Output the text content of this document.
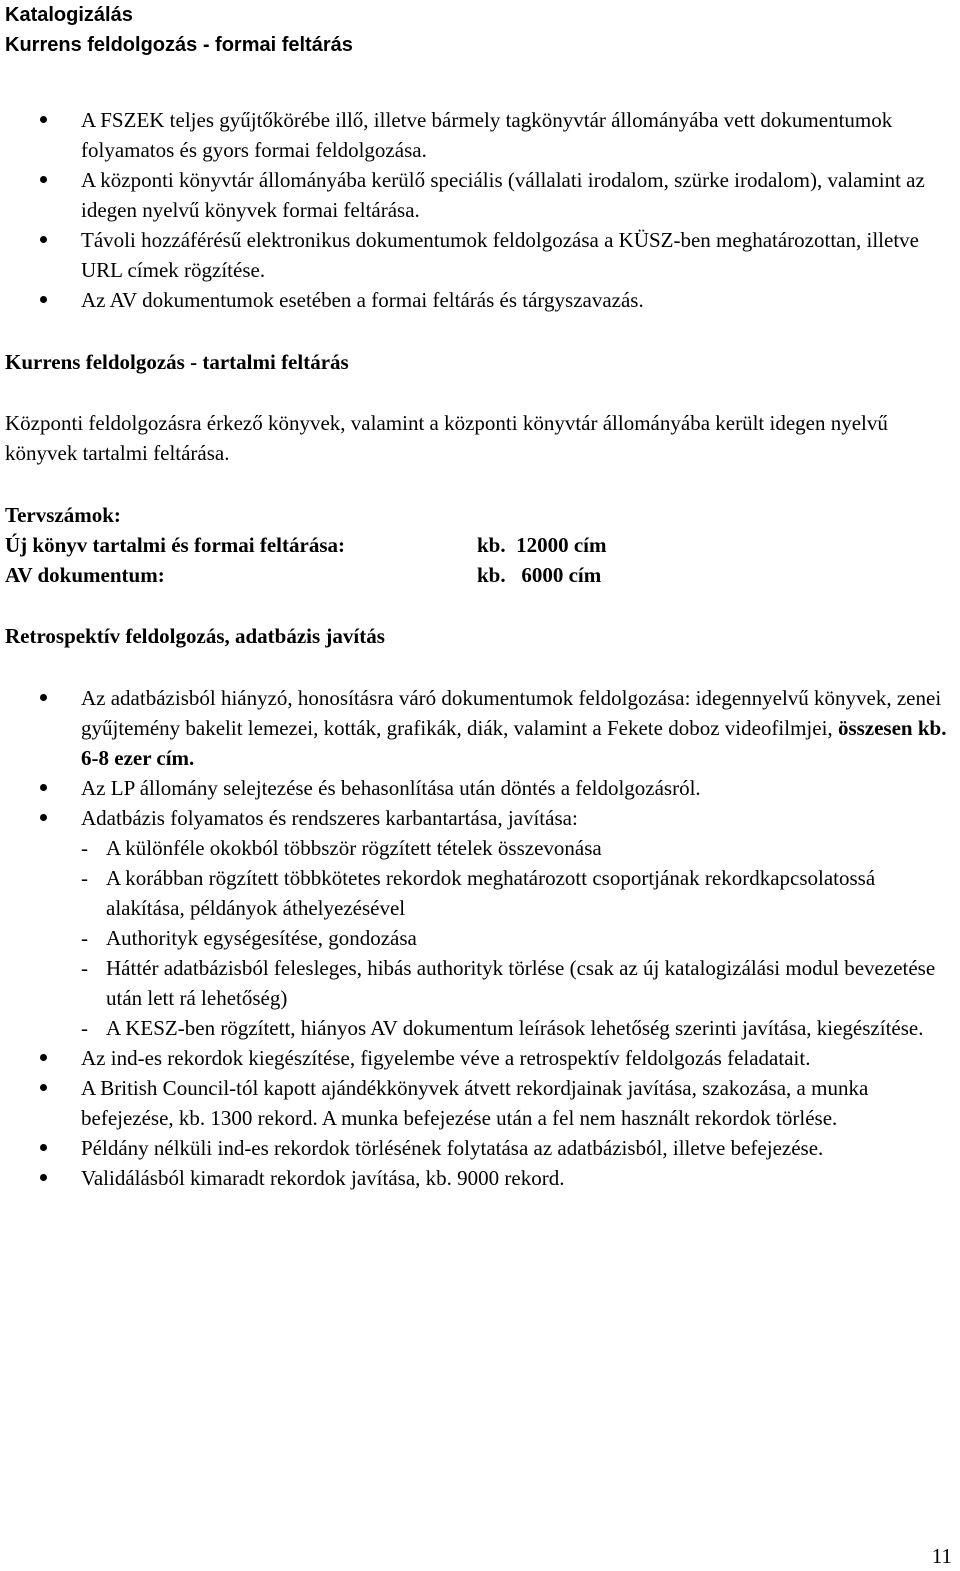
Katalogizálás

Kurrens feldolgozás - formai feltárás

A FSZEK teljes gyűjtőkörébe illő, illetve bármely tagkönyvtár állományába vett dokumentumok folyamatos és gyors formai feldolgozása.
A központi könyvtár állományába kerülő speciális (vállalati irodalom, szürke irodalom), valamint az idegen nyelvű könyvek formai feltárása.
Távoli hozzáférésű elektronikus dokumentumok feldolgozása a KÜSZ-ben meghatározottan, illetve URL címek rögzítése.
Az AV dokumentumok esetében a formai feltárás és tárgyszavazás.

Kurrens feldolgozás - tartalmi feltárás

Központi feldolgozásra érkező könyvek, valamint a központi könyvtár állományába került idegen nyelvű könyvek tartalmi feltárása.

Tervszámok:

Új könyv tartalmi és formai feltárása:	kb.  12000 cím
AV dokumentum:	kb.   6000 cím

Retrospektív feldolgozás, adatbázis javítás

Az adatbázisból hiányzó, honosításra váró dokumentumok feldolgozása: idegennyelvű könyvek, zenei gyűjtemény bakelit lemezei, kották, grafikák, diák, valamint a Fekete doboz videofilmjei, összesen kb. 6-8 ezer cím.
Az LP állomány selejtezése és behasonlítása után döntés a feldolgozásról.
Adatbázis folyamatos és rendszeres karbantartása, javítása:
- A különféle okokból többször rögzített tételek összevonása
- A korábban rögzített többkötetes rekordok meghatározott csoportjának rekordkapcsolatossá alakítása, példányok áthelyezésével
- Authorityk egységesítése, gondozása
- Háttér adatbázisból felesleges, hibás authorityk törlése (csak az új katalogizálási modul bevezetése után lett rá lehetőség)
- A KESZ-ben rögzített, hiányos AV dokumentum leírások lehetőség szerinti javítása, kiegészítése.
Az ind-es rekordok kiegészítése, figyelembe véve a retrospektív feldolgozás feladatait.
A British Council-tól kapott ajándékkönyvek átvett rekordjainak javítása, szakozása, a munka befejezése, kb. 1300 rekord. A munka befejezése után a fel nem használt rekordok törlése.
Példány nélküli ind-es rekordok törlésének folytatása az adatbázisból, illetve befejezése.
Validálásból kimaradt rekordok javítása, kb. 9000 rekord.
11
